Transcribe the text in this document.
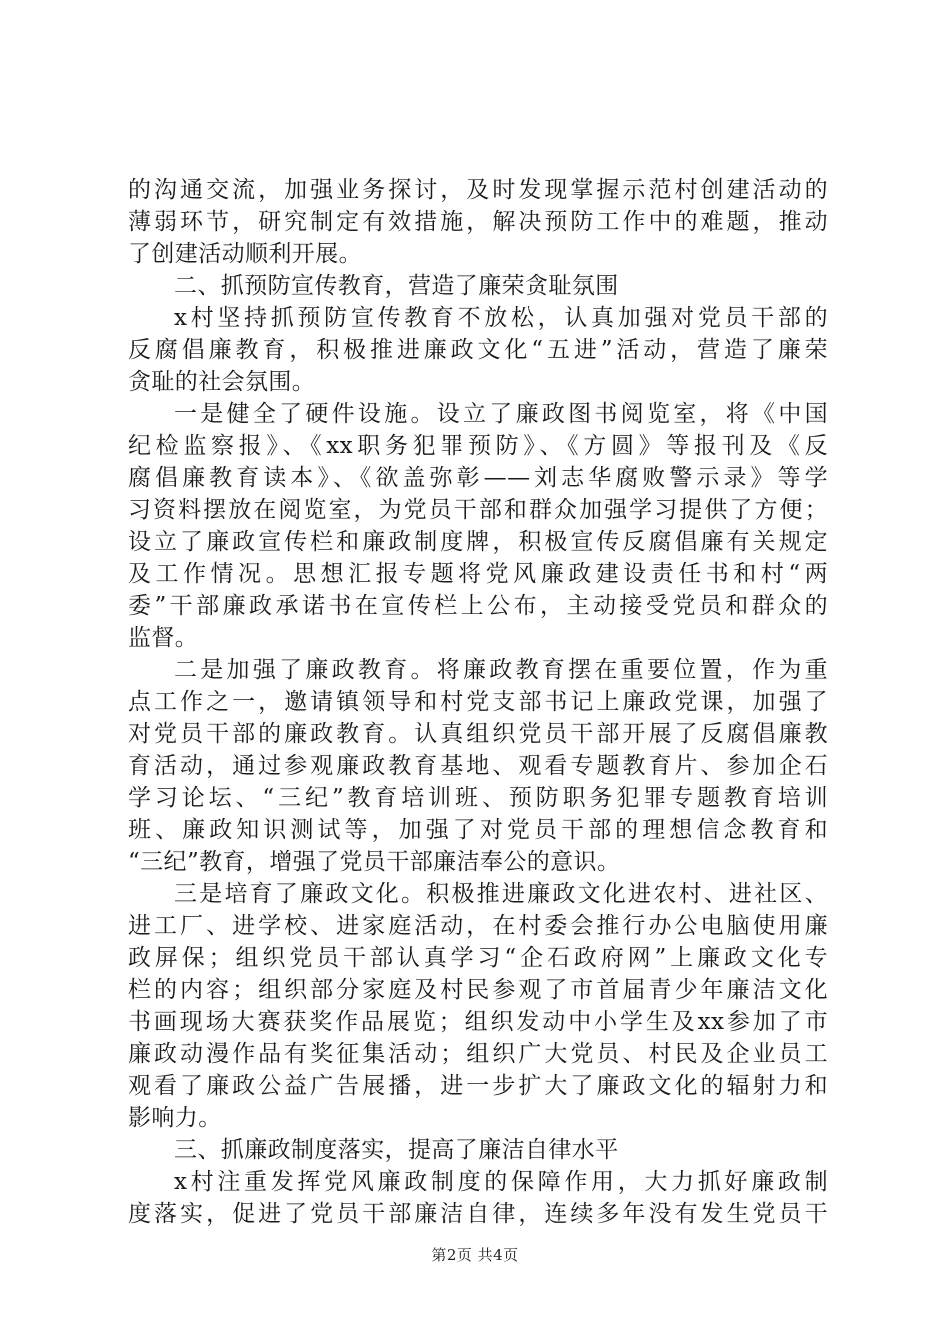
的沟通交流，加强业务探讨，及时发现掌握示范村创建活动的
薄弱环节，研究制定有效措施，解决预防工作中的难题，推动
了创建活动顺利开展。
二、抓预防宣传教育，营造了廉荣贪耻氛围
x村坚持抓预防宣传教育不放松，认真加强对党员干部的
反腐倡廉教育，积极推进廉政文化“五进”活动，营造了廉荣
贪耻的社会氛围。
一是健全了硬件设施。设立了廉政图书阅览室，将《中国
纪检监察报》、《xx职务犯罪预防》、《方圆》等报刊及《反
腐倡廉教育读本》、《欲盖弥彰——刘志华腐败警示录》等学
习资料摆放在阅览室，为党员干部和群众加强学习提供了方便；
设立了廉政宣传栏和廉政制度牌，积极宣传反腐倡廉有关规定
及工作情况。思想汇报专题将党风廉政建设责任书和村“两
委”干部廉政承诺书在宣传栏上公布，主动接受党员和群众的
监督。
二是加强了廉政教育。将廉政教育摆在重要位置，作为重
点工作之一，邀请镇领导和村党支部书记上廉政党课，加强了
对党员干部的廉政教育。认真组织党员干部开展了反腐倡廉教
育活动，通过参观廉政教育基地、观看专题教育片、参加企石
学习论坛、“三纪”教育培训班、预防职务犯罪专题教育培训
班、廉政知识测试等，加强了对党员干部的理想信念教育和
“三纪”教育，增强了党员干部廉洁奉公的意识。
三是培育了廉政文化。积极推进廉政文化进农村、进社区、
进工厂、进学校、进家庭活动，在村委会推行办公电脑使用廉
政屏保；组织党员干部认真学习“企石政府网”上廉政文化专
栏的内容；组织部分家庭及村民参观了市首届青少年廉洁文化
书画现场大赛获奖作品展览；组织发动中小学生及xx参加了市
廉政动漫作品有奖征集活动；组织广大党员、村民及企业员工
观看了廉政公益广告展播，进一步扩大了廉政文化的辐射力和
影响力。
三、抓廉政制度落实，提高了廉洁自律水平
x村注重发挥党风廉政制度的保障作用，大力抓好廉政制
度落实，促进了党员干部廉洁自律，连续多年没有发生党员干
第2页 共4页
